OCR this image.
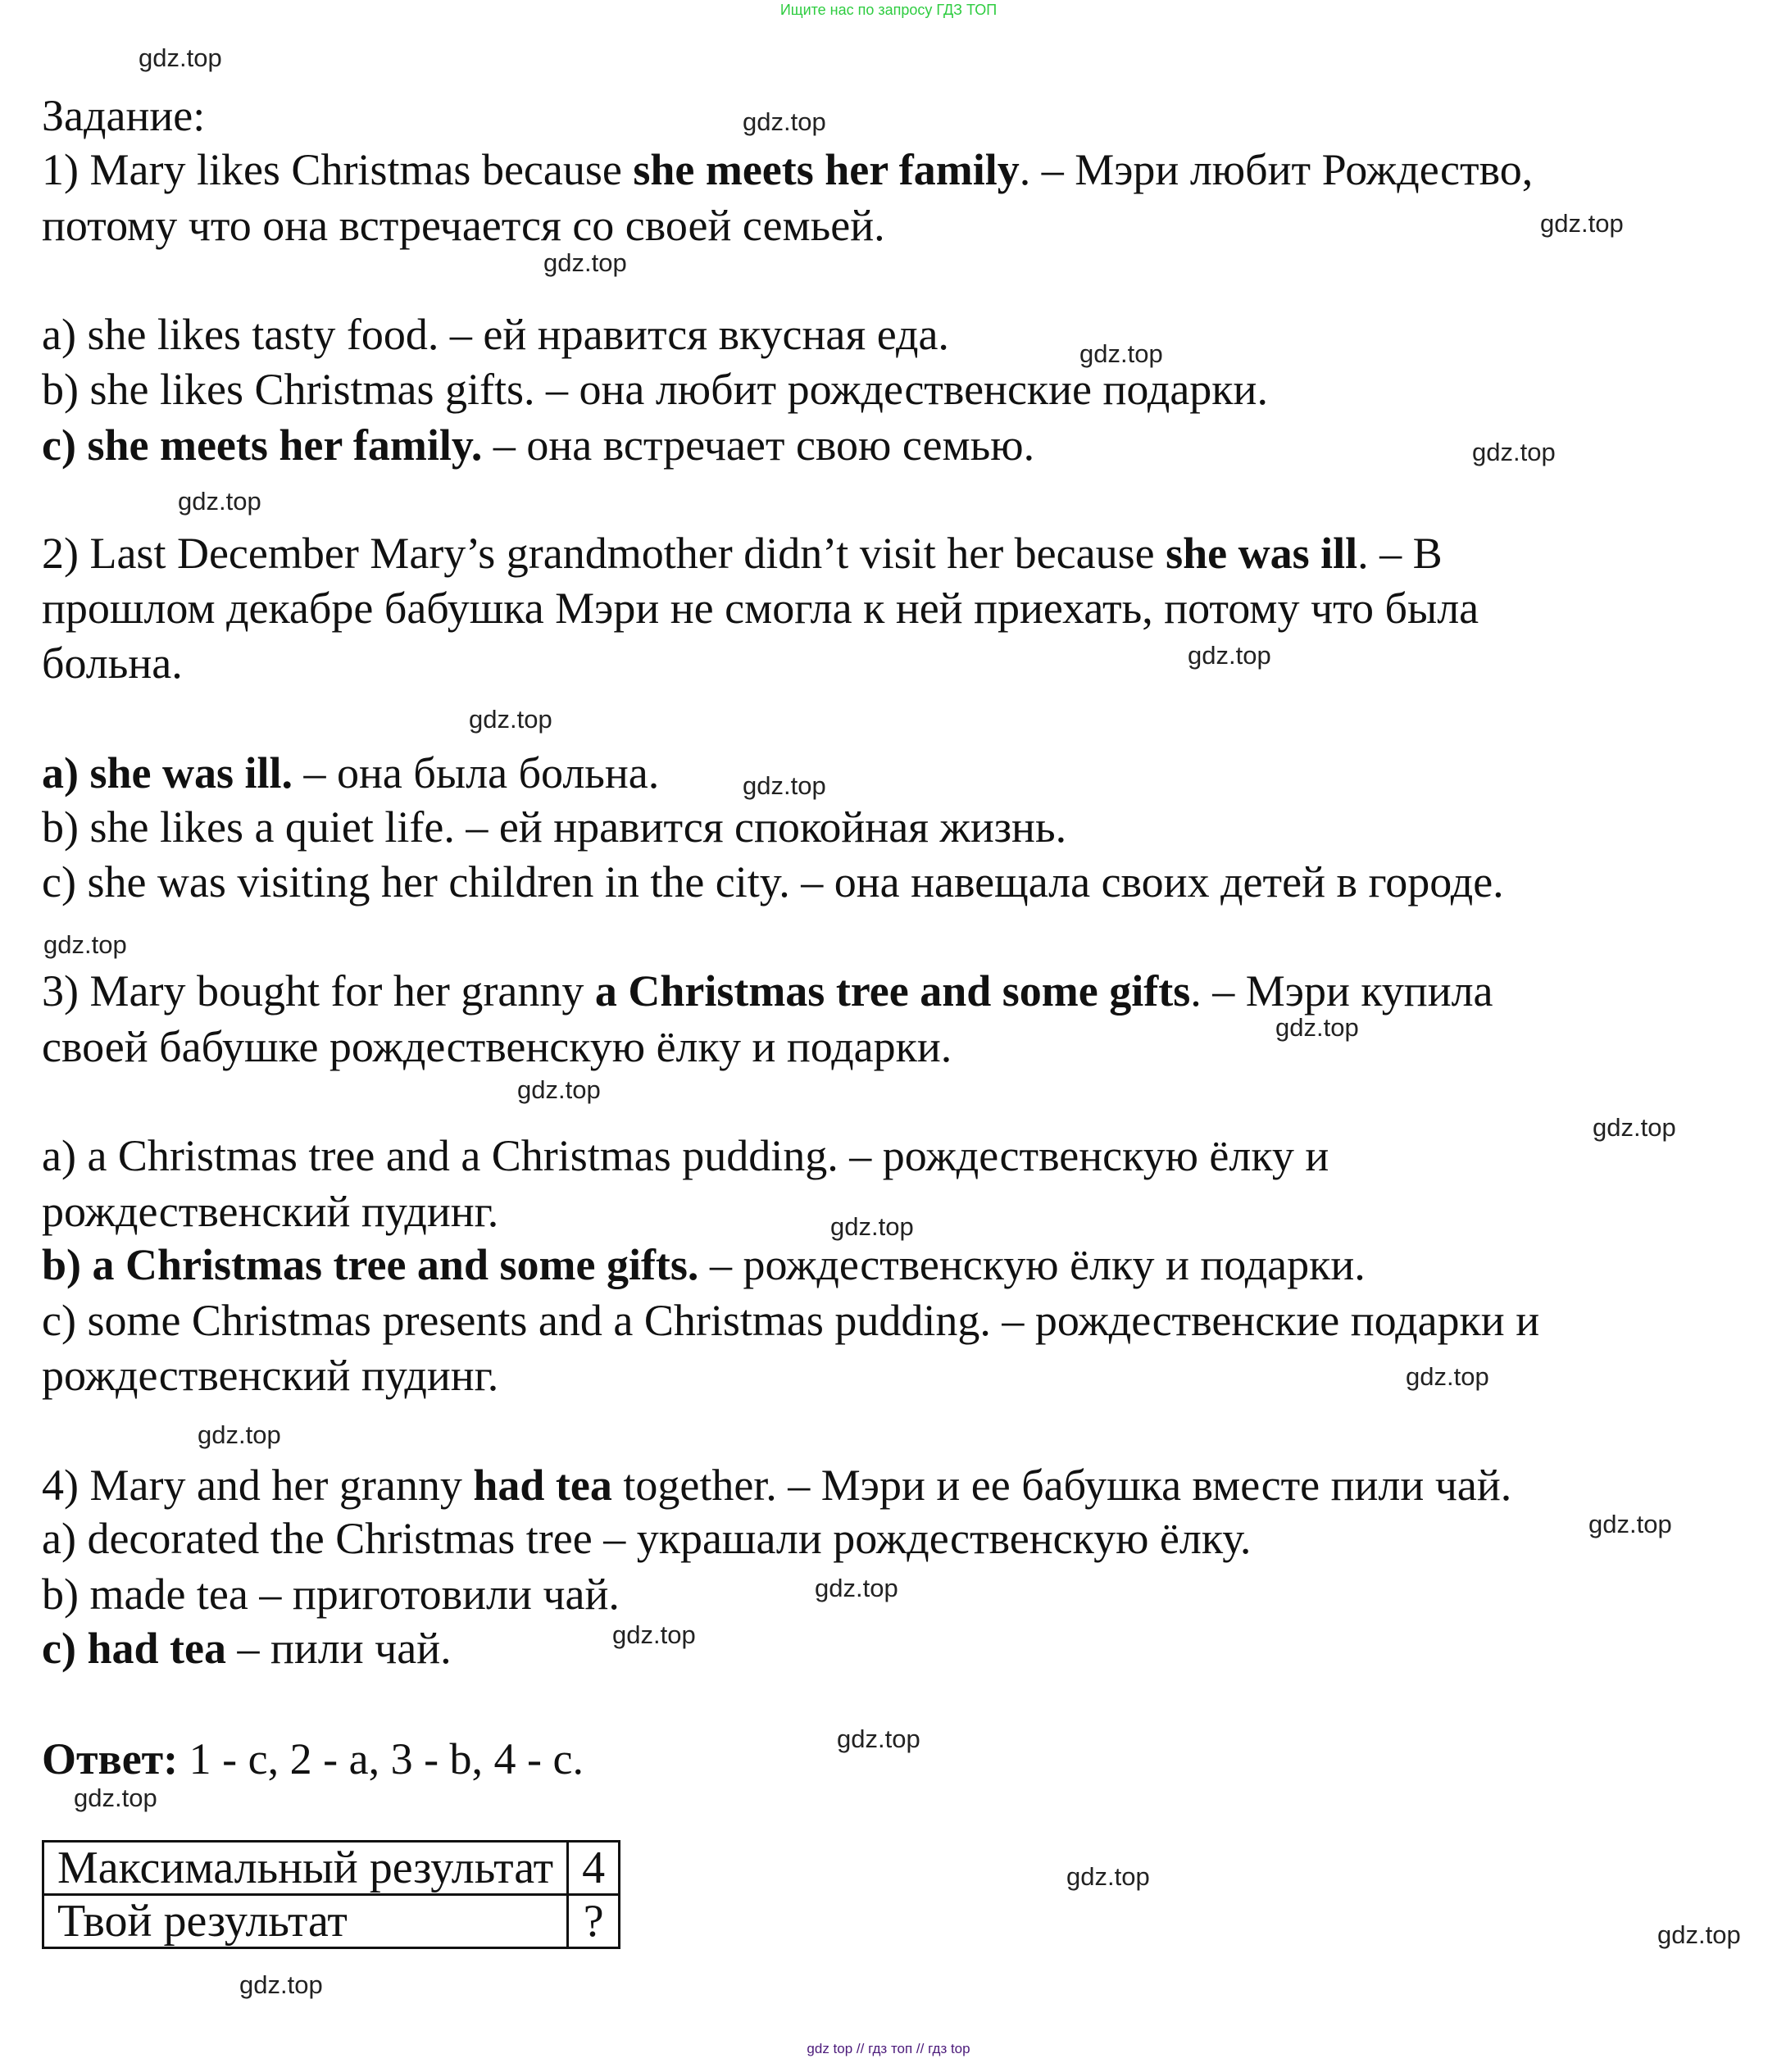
Ищите нас по запросу ГДЗ ТОП
Задание:
1) Mary likes Christmas because she meets her family. – Мэри любит Рождество,
потому что она встречается со своей семьей.
a) she likes tasty food. – ей нравится вкусная еда.
b) she likes Christmas gifts. – она любит рождественские подарки.
c) she meets her family. – она встречает свою семью.
2) Last December Mary’s grandmother didn’t visit her because she was ill. – В
прошлом декабре бабушка Мэри не смогла к ней приехать, потому что была
больна.
a) she was ill. – она была больна.
b) she likes a quiet life. – ей нравится спокойная жизнь.
c) she was visiting her children in the city. – она навещала своих детей в городе.
3) Mary bought for her granny a Christmas tree and some gifts. – Мэри купила
своей бабушке рождественскую ёлку и подарки.
a) a Christmas tree and a Christmas pudding. – рождественскую ёлку и
рождественский пудинг.
b) a Christmas tree and some gifts. – рождественскую ёлку и подарки.
c) some Christmas presents and a Christmas pudding. – рождественские подарки и
рождественский пудинг.
4) Mary and her granny had tea together. – Мэри и ее бабушка вместе пили чай.
a) decorated the Christmas tree – украшали рождественскую ёлку.
b) made tea – приготовили чай.
c) had tea – пили чай.
Ответ: 1 - c, 2 - a, 3 - b, 4 - c.
Максимальный результат	4
Твой результат	?
gdz.top
gdz.top
gdz.top
gdz.top
gdz.top
gdz.top
gdz.top
gdz.top
gdz.top
gdz.top
gdz.top
gdz.top
gdz.top
gdz.top
gdz.top
gdz.top
gdz.top
gdz.top
gdz.top
gdz.top
gdz.top
gdz.top
gdz.top
gdz.top
gdz.top
gdz top // гдз топ // гдз top
